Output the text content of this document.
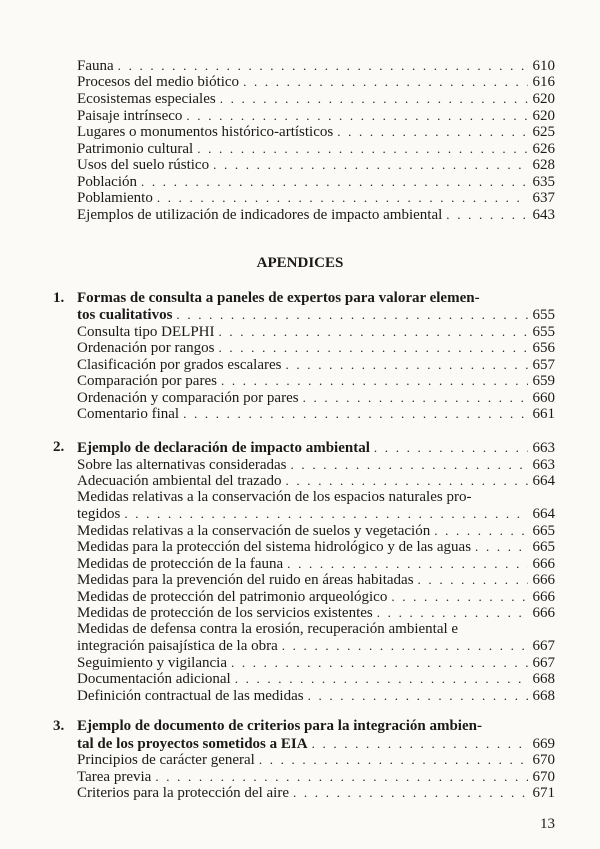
Fauna . . .	610
Procesos del medio biótico . . .	616
Ecosistemas especiales . . .	620
Paisaje intrínseco . . .	620
Lugares o monumentos histórico-artísticos . . .	625
Patrimonio cultural . . .	626
Usos del suelo rústico . . .	628
Población . . .	635
Poblamiento . . .	637
Ejemplos de utilización de indicadores de impacto ambiental . . .	643
APENDICES
1. Formas de consulta a paneles de expertos para valorar elemen-
tos cualitativos . . .	655
Consulta tipo DELPHI . . .	655
Ordenación por rangos . . .	656
Clasificación por grados escalares . . .	657
Comparación por pares . . .	659
Ordenación y comparación por pares . . .	660
Comentario final . . .	661
2. Ejemplo de declaración de impacto ambiental . . .	663
Sobre las alternativas consideradas . . .	663
Adecuación ambiental del trazado . . .	664
Medidas relativas a la conservación de los espacios naturales pro-
tegidos . . .	664
Medidas relativas a la conservación de suelos y vegetación . . .	665
Medidas para la protección del sistema hidrológico y de las aguas . . .	665
Medidas de protección de la fauna . . .	666
Medidas para la prevención del ruido en áreas habitadas . . .	666
Medidas de protección del patrimonio arqueológico . . .	666
Medidas de protección de los servicios existentes . . .	666
Medidas de defensa contra la erosión, recuperación ambiental e
integración paisajística de la obra . . .	667
Seguimiento y vigilancia . . .	667
Documentación adicional . . .	668
Definición contractual de las medidas . . .	668
3. Ejemplo de documento de criterios para la integración ambien-
tal de los proyectos sometidos a EIA . . .	669
Principios de carácter general . . .	670
Tarea previa . . .	670
Criterios para la protección del aire . . .	671
13
